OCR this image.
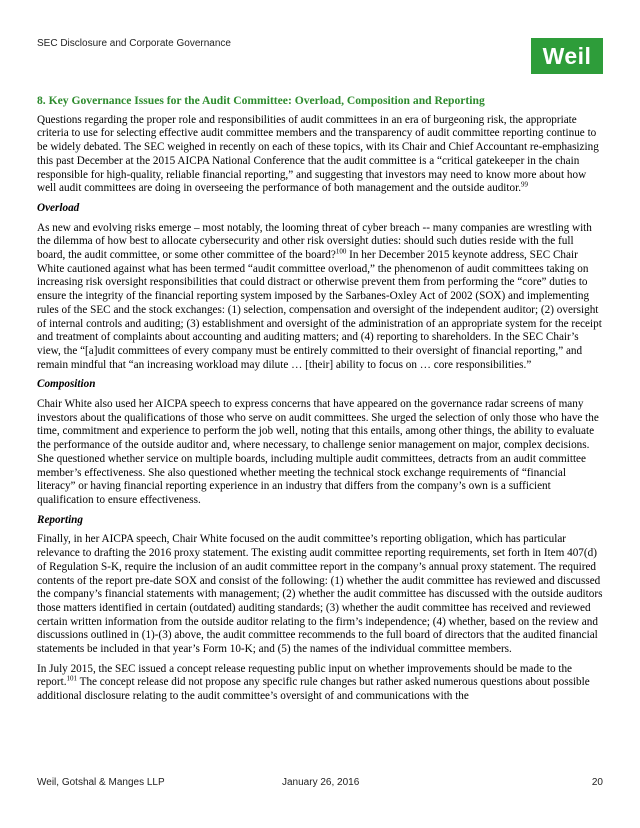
SEC Disclosure and Corporate Governance	Weil

8. Key Governance Issues for the Audit Committee: Overload, Composition and Reporting

Questions regarding the proper role and responsibilities of audit committees in an era of burgeoning risk, the appropriate criteria to use for selecting effective audit committee members and the transparency of audit committee reporting continue to be widely debated. The SEC weighed in recently on each of these topics, with its Chair and Chief Accountant re-emphasizing this past December at the 2015 AICPA National Conference that the audit committee is a “critical gatekeeper in the chain responsible for high-quality, reliable financial reporting,” and suggesting that investors may need to know more about how well audit committees are doing in overseeing the performance of both management and the outside auditor.$^{99}$

Overload

As new and evolving risks emerge – most notably, the looming threat of cyber breach -- many companies are wrestling with the dilemma of how best to allocate cybersecurity and other risk oversight duties: should such duties reside with the full board, the audit committee, or some other committee of the board?$^{100}$ In her December 2015 keynote address, SEC Chair White cautioned against what has been termed “audit committee overload,” the phenomenon of audit committees taking on increasing risk oversight responsibilities that could distract or otherwise prevent them from performing the “core” duties to ensure the integrity of the financial reporting system imposed by the Sarbanes-Oxley Act of 2002 (SOX) and implementing rules of the SEC and the stock exchanges: (1) selection, compensation and oversight of the independent auditor; (2) oversight of internal controls and auditing; (3) establishment and oversight of the administration of an appropriate system for the receipt and treatment of complaints about accounting and auditing matters; and (4) reporting to shareholders. In the SEC Chair’s view, the “[a]udit committees of every company must be entirely committed to their oversight of financial reporting,” and remain mindful that “an increasing workload may dilute … [their] ability to focus on … core responsibilities.”

Composition

Chair White also used her AICPA speech to express concerns that have appeared on the governance radar screens of many investors about the qualifications of those who serve on audit committees. She urged the selection of only those who have the time, commitment and experience to perform the job well, noting that this entails, among other things, the ability to evaluate the performance of the outside auditor and, where necessary, to challenge senior management on major, complex decisions. She questioned whether service on multiple boards, including multiple audit committees, detracts from an audit committee member’s effectiveness. She also questioned whether meeting the technical stock exchange requirements of “financial literacy” or having financial reporting experience in an industry that differs from the company’s own is a sufficient qualification to ensure effectiveness.

Reporting

Finally, in her AICPA speech, Chair White focused on the audit committee’s reporting obligation, which has particular relevance to drafting the 2016 proxy statement. The existing audit committee reporting requirements, set forth in Item 407(d) of Regulation S-K, require the inclusion of an audit committee report in the company’s annual proxy statement. The required contents of the report pre-date SOX and consist of the following: (1) whether the audit committee has reviewed and discussed the company’s financial statements with management; (2) whether the audit committee has discussed with the outside auditors those matters identified in certain (outdated) auditing standards; (3) whether the audit committee has received and reviewed certain written information from the outside auditor relating to the firm’s independence; (4) whether, based on the review and discussions outlined in (1)-(3) above, the audit committee recommends to the full board of directors that the audited financial statements be included in that year’s Form 10-K; and (5) the names of the individual committee members.

In July 2015, the SEC issued a concept release requesting public input on whether improvements should be made to the report.$^{101}$ The concept release did not propose any specific rule changes but rather asked numerous questions about possible additional disclosure relating to the audit committee’s oversight of and communications with the

Weil, Gotshal & Manges LLP	January 26, 2016	20
